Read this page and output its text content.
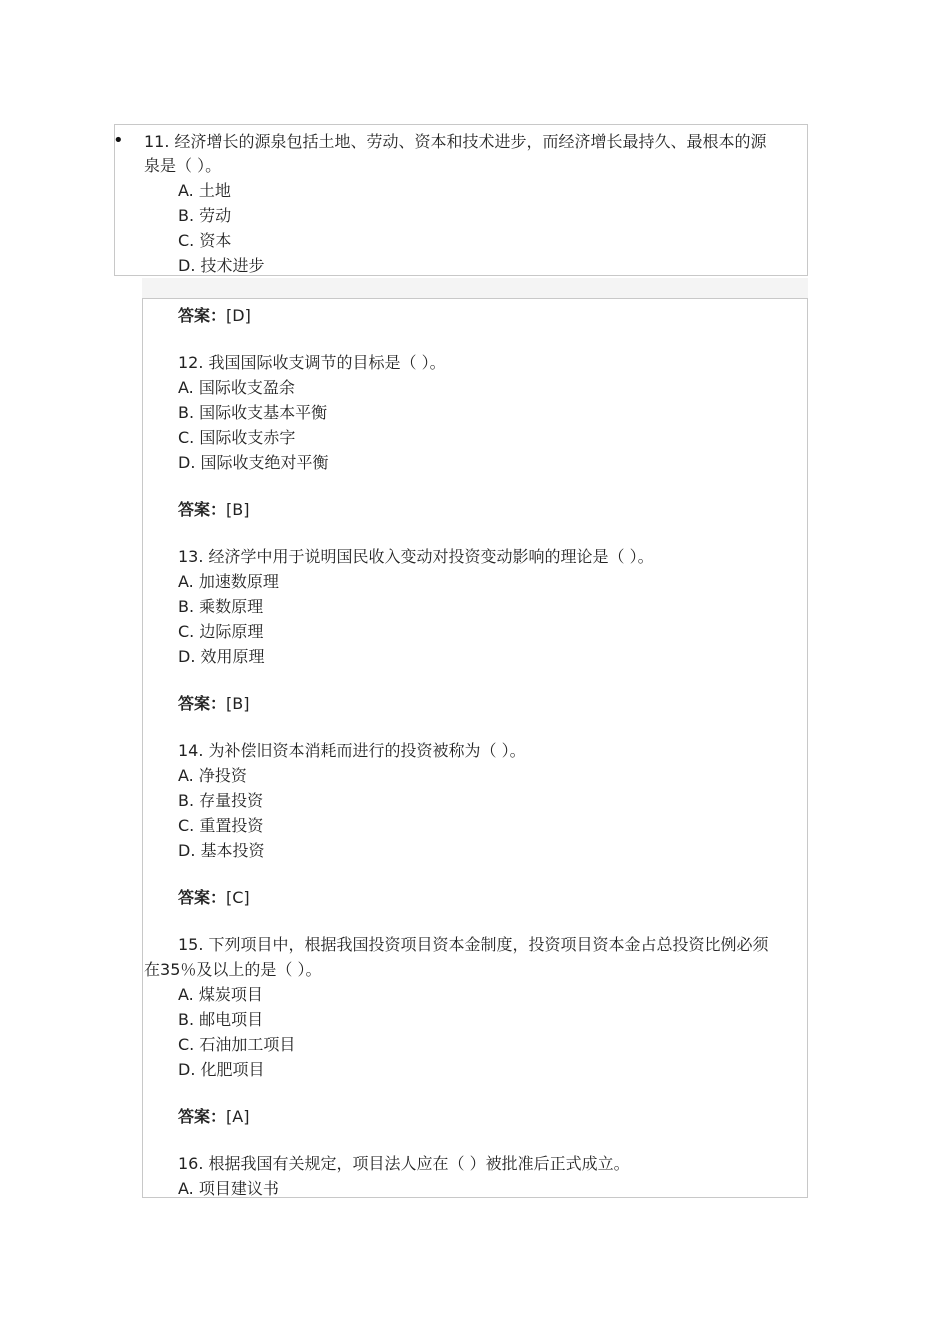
• 11. 经济增长的源泉包括土地、劳动、资本和技术进步，而经济增长最持久、最根本的源
泉是（ ）。
A. 土地
B. 劳动
C. 资本
D. 技术进步
答案：[D]
12. 我国国际收支调节的目标是（ ）。
A. 国际收支盈余
B. 国际收支基本平衡
C. 国际收支赤字
D. 国际收支绝对平衡
答案：[B]
13. 经济学中用于说明国民收入变动对投资变动影响的理论是（ ）。
A. 加速数原理
B. 乘数原理
C. 边际原理
D. 效用原理
答案：[B]
14. 为补偿旧资本消耗而进行的投资被称为（ ）。
A. 净投资
B. 存量投资
C. 重置投资
D. 基本投资
答案：[C]
15. 下列项目中，根据我国投资项目资本金制度，投资项目资本金占总投资比例必须
在35％及以上的是（ ）。
A. 煤炭项目
B. 邮电项目
C. 石油加工项目
D. 化肥项目
答案：[A]
16. 根据我国有关规定，项目法人应在（ ）被批准后正式成立。
A. 项目建议书
